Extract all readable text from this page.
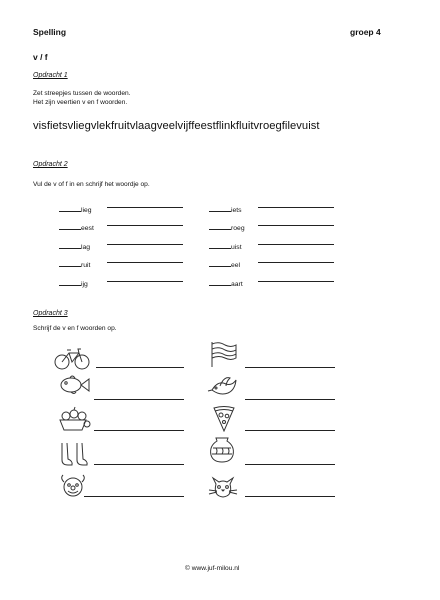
Spelling	groep 4
v / f
Opdracht 1
Zet streepjes tussen de woorden.
Het zijn veertien v en f woorden.
visfietsvliegvlekfruitvlaagveelvijffeestflinkfluitvroegfilevuist
Opdracht 2
Vul de v of f in en schrijf het woordje op.
lieg
eest
lag
ruit
ijg
iets
roeg
uist
eel
aart
Opdracht 3
Schrijf de v en f woorden op.
© www.juf-milou.nl
